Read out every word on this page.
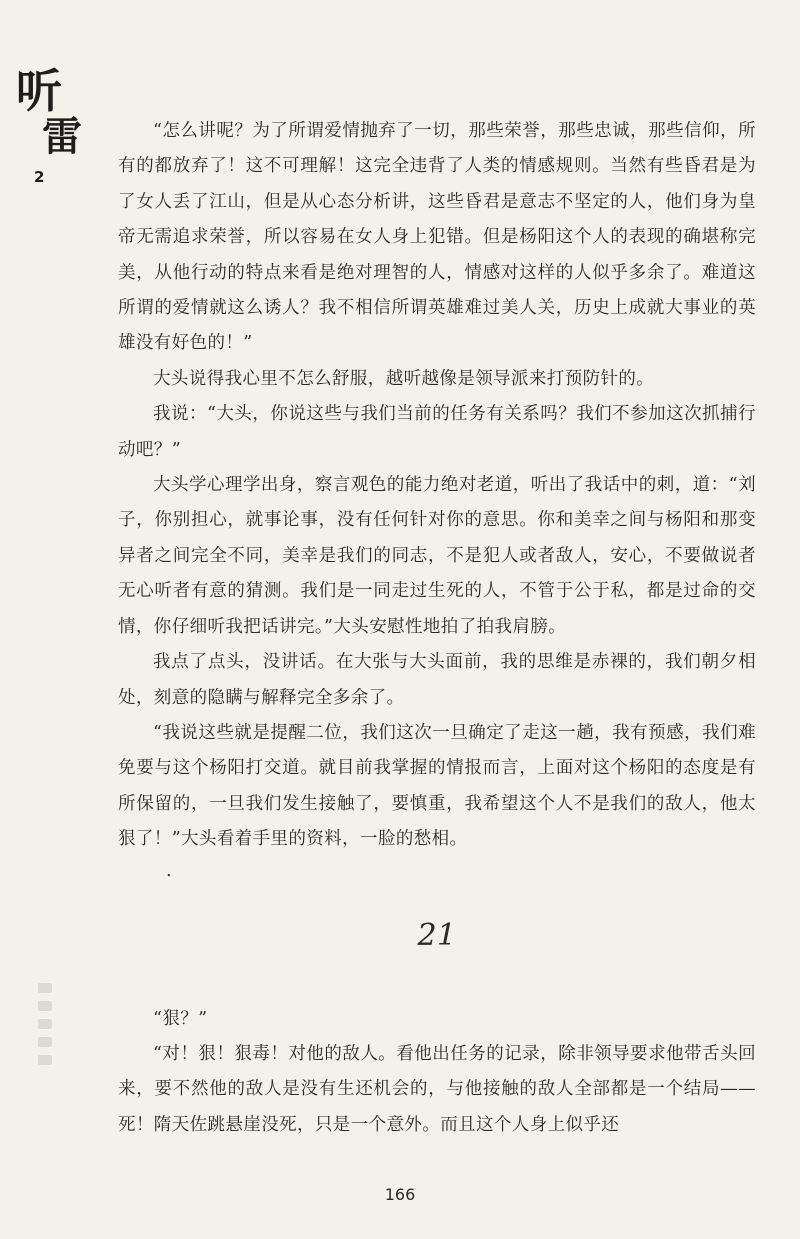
听
雷
2

“怎么讲呢？为了所谓爱情抛弃了一切，那些荣誉，那些忠诚，那些信仰，所有的都放弃了！这不可理解！这完全违背了人类的情感规则。当然有些昏君是为了女人丢了江山，但是从心态分析讲，这些昏君是意志不坚定的人，他们身为皇帝无需追求荣誉，所以容易在女人身上犯错。但是杨阳这个人的表现的确堪称完美，从他行动的特点来看是绝对理智的人，情感对这样的人似乎多余了。难道这所谓的爱情就这么诱人？我不相信所谓英雄难过美人关，历史上成就大事业的英雄没有好色的！”

大头说得我心里不怎么舒服，越听越像是领导派来打预防针的。

我说：“大头，你说这些与我们当前的任务有关系吗？我们不参加这次抓捕行动吧？”

大头学心理学出身，察言观色的能力绝对老道，听出了我话中的刺，道：“刘子，你别担心，就事论事，没有任何针对你的意思。你和美幸之间与杨阳和那变异者之间完全不同，美幸是我们的同志，不是犯人或者敌人，安心，不要做说者无心听者有意的猜测。我们是一同走过生死的人，不管于公于私，都是过命的交情，你仔细听我把话讲完。”大头安慰性地拍了拍我肩膀。

我点了点头，没讲话。在大张与大头面前，我的思维是赤裸的，我们朝夕相处，刻意的隐瞒与解释完全多余了。

“我说这些就是提醒二位，我们这次一旦确定了走这一趟，我有预感，我们难免要与这个杨阳打交道。就目前我掌握的情报而言，上面对这个杨阳的态度是有所保留的，一旦我们发生接触了，要慎重，我希望这个人不是我们的敌人，他太狠了！”大头看着手里的资料，一脸的愁相。

.
21

“狠？”

“对！狠！狠毒！对他的敌人。看他出任务的记录，除非领导要求他带舌头回来，要不然他的敌人是没有生还机会的，与他接触的敌人全部都是一个结局——死！隋天佐跳悬崖没死，只是一个意外。而且这个人身上似乎还

166
